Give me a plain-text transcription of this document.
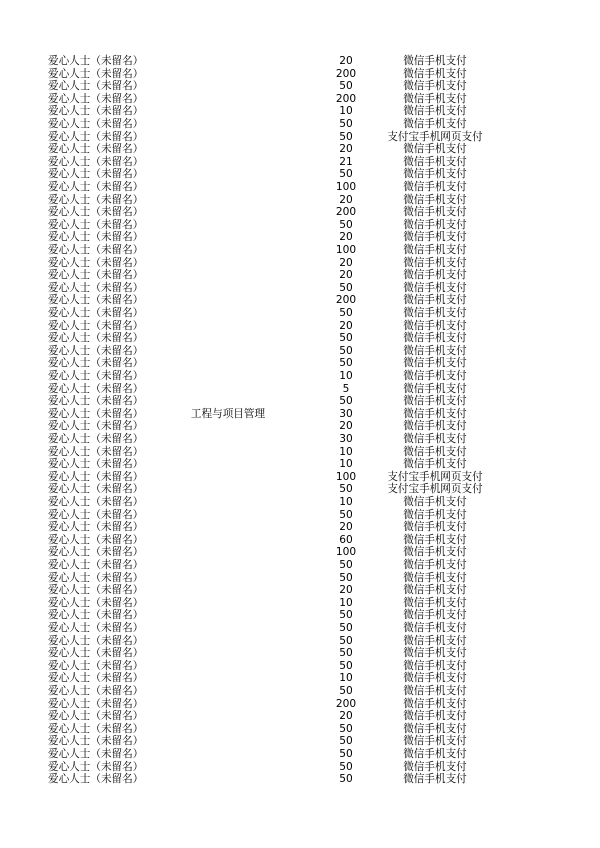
爱心人士（未留名）	20	微信手机支付
爱心人士（未留名）	200	微信手机支付
爱心人士（未留名）	50	微信手机支付
爱心人士（未留名）	200	微信手机支付
爱心人士（未留名）	10	微信手机支付
爱心人士（未留名）	50	微信手机支付
爱心人士（未留名）	50	支付宝手机网页支付
爱心人士（未留名）	20	微信手机支付
爱心人士（未留名）	21	微信手机支付
爱心人士（未留名）	50	微信手机支付
爱心人士（未留名）	100	微信手机支付
爱心人士（未留名）	20	微信手机支付
爱心人士（未留名）	200	微信手机支付
爱心人士（未留名）	50	微信手机支付
爱心人士（未留名）	20	微信手机支付
爱心人士（未留名）	100	微信手机支付
爱心人士（未留名）	20	微信手机支付
爱心人士（未留名）	20	微信手机支付
爱心人士（未留名）	50	微信手机支付
爱心人士（未留名）	200	微信手机支付
爱心人士（未留名）	50	微信手机支付
爱心人士（未留名）	20	微信手机支付
爱心人士（未留名）	50	微信手机支付
爱心人士（未留名）	50	微信手机支付
爱心人士（未留名）	50	微信手机支付
爱心人士（未留名）	10	微信手机支付
爱心人士（未留名）	5	微信手机支付
爱心人士（未留名）	50	微信手机支付
爱心人士（未留名）	工程与项目管理	30	微信手机支付
爱心人士（未留名）	20	微信手机支付
爱心人士（未留名）	30	微信手机支付
爱心人士（未留名）	10	微信手机支付
爱心人士（未留名）	10	微信手机支付
爱心人士（未留名）	100	支付宝手机网页支付
爱心人士（未留名）	50	支付宝手机网页支付
爱心人士（未留名）	10	微信手机支付
爱心人士（未留名）	50	微信手机支付
爱心人士（未留名）	20	微信手机支付
爱心人士（未留名）	60	微信手机支付
爱心人士（未留名）	100	微信手机支付
爱心人士（未留名）	50	微信手机支付
爱心人士（未留名）	50	微信手机支付
爱心人士（未留名）	20	微信手机支付
爱心人士（未留名）	10	微信手机支付
爱心人士（未留名）	50	微信手机支付
爱心人士（未留名）	50	微信手机支付
爱心人士（未留名）	50	微信手机支付
爱心人士（未留名）	50	微信手机支付
爱心人士（未留名）	50	微信手机支付
爱心人士（未留名）	10	微信手机支付
爱心人士（未留名）	50	微信手机支付
爱心人士（未留名）	200	微信手机支付
爱心人士（未留名）	20	微信手机支付
爱心人士（未留名）	50	微信手机支付
爱心人士（未留名）	50	微信手机支付
爱心人士（未留名）	50	微信手机支付
爱心人士（未留名）	50	微信手机支付
爱心人士（未留名）	50	微信手机支付
